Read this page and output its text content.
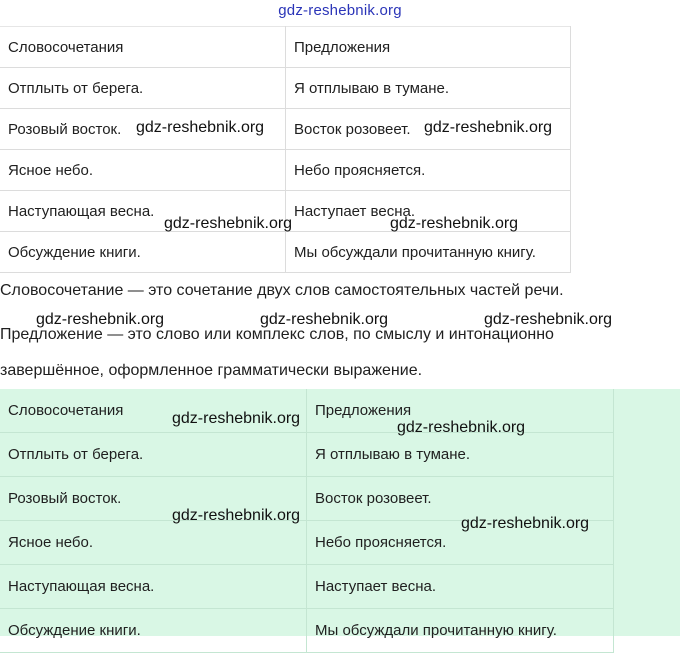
gdz-reshebnik.org
Словосочетания	Предложения
Отплыть от берега.	Я отплываю в тумане.
Розовый восток.	Восток розовеет.
Ясное небо.	Небо проясняется.
Наступающая весна.	Наступает весна.
Обсуждение книги.	Мы обсуждали прочитанную книгу.
Словосочетание — это сочетание двух слов самостоятельных частей речи.
Предложение — это слово или комплекс слов, по смыслу и интонационно
завершённое, оформленное грамматически выражение.
Словосочетания	Предложения
Отплыть от берега.	Я отплываю в тумане.
Розовый восток.	Восток розовеет.
Ясное небо.	Небо проясняется.
Наступающая весна.	Наступает весна.
Обсуждение книги.	Мы обсуждали прочитанную книгу.
gdz-reshebnik.org	gdz-reshebnik.org
gdz-reshebnik.org	gdz-reshebnik.org
gdz-reshebnik.org	gdz-reshebnik.org	gdz-reshebnik.org
gdz-reshebnik.org
gdz-reshebnik.org
gdz-reshebnik.org	gdz-reshebnik.org
